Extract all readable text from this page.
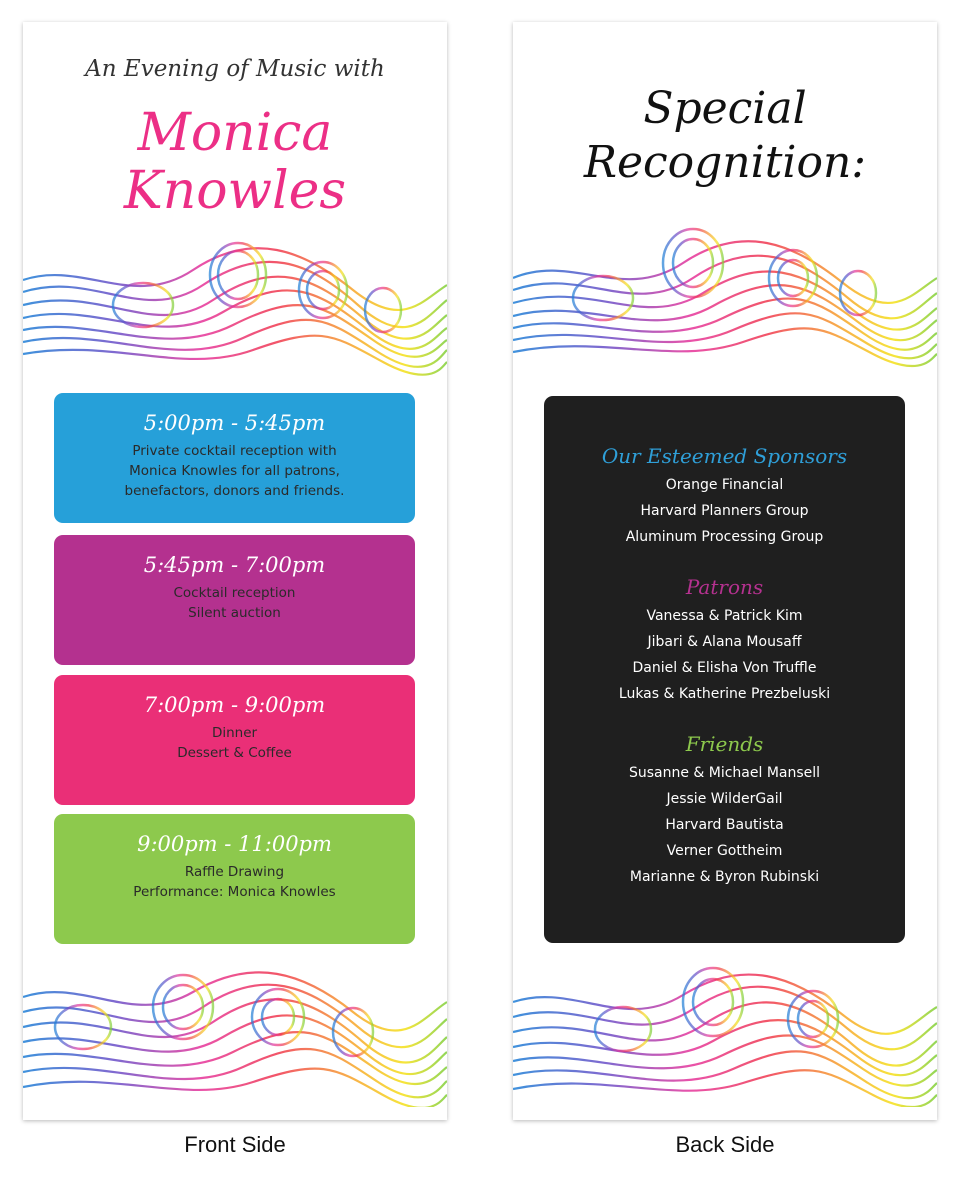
An Evening of Music with
Monica
Knowles
5:00pm - 5:45pm
Private cocktail reception with
Monica Knowles for all patrons,
benefactors, donors and friends.
5:45pm - 7:00pm
Cocktail reception
Silent auction
7:00pm - 9:00pm
Dinner
Dessert & Coffee
9:00pm - 11:00pm
Raffle Drawing
Performance: Monica Knowles
Special
Recognition:
Our Esteemed Sponsors
Orange Financial
Harvard Planners Group
Aluminum Processing Group
Patrons
Vanessa & Patrick Kim
Jibari & Alana Mousaff
Daniel & Elisha Von Truffle
Lukas & Katherine Prezbeluski
Friends
Susanne & Michael Mansell
Jessie WilderGail
Harvard Bautista
Verner Gottheim
Marianne & Byron Rubinski
Front Side	Back Side
